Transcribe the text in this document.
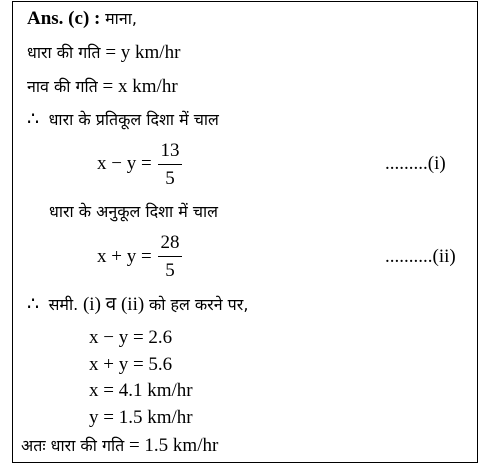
Ans. (c) : माना,
धारा की गति = y km/hr
नाव की गति = x km/hr
∴ धारा के प्रतिकूल दिशा में चाल
x − y =
13
5
.........(i)
धारा के अनुकूल दिशा में चाल
x + y =
28
5
..........(ii)
∴ समी. (i) व (ii) को हल करने पर,
x − y = 2.6
x + y = 5.6
x = 4.1 km/hr
y = 1.5 km/hr
अतः धारा की गति = 1.5 km/hr
